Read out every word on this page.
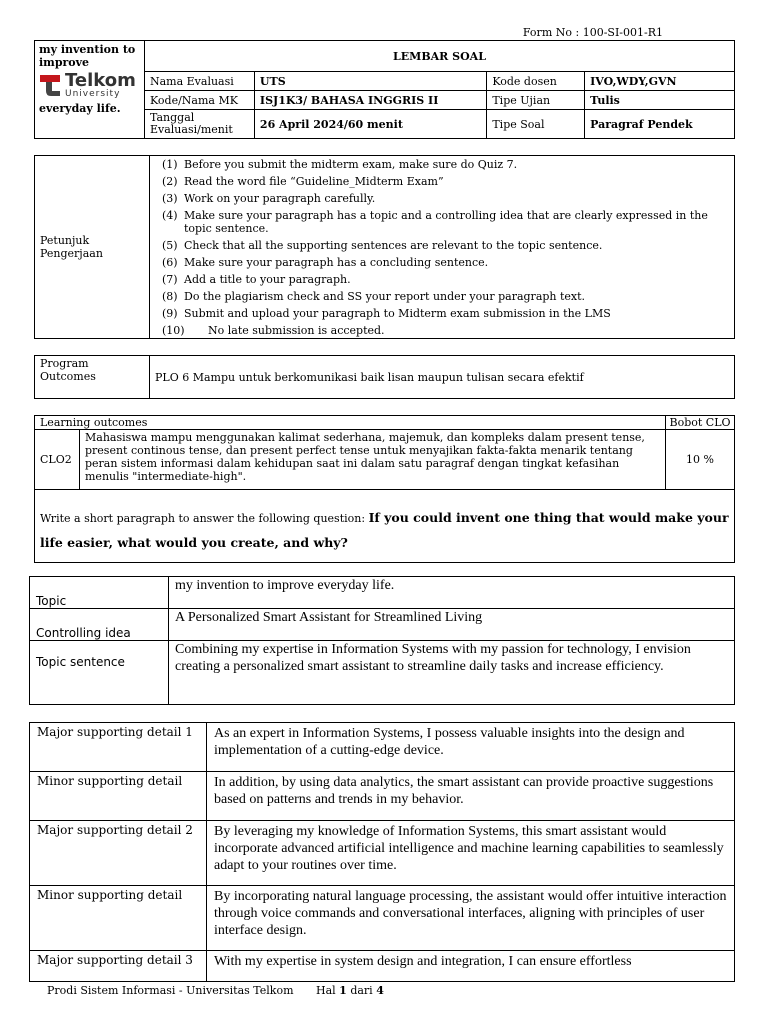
Form No : 100-SI-001-R1
my invention to improve
Telkom
University
everyday life.	LEMBAR SOAL			
	Nama Evaluasi	UTS	Kode dosen	IVO,WDY,GVN
	Kode/Nama MK	ISJ1K3/ BAHASA INGGRIS II	Tipe Ujian	Tulis
	Tanggal Evaluasi/menit	26 April 2024/60 menit	Tipe Soal	Paragraf Pendek
Petunjuk Pengerjaan	
(1) Before you submit the midterm exam, make sure do Quiz 7.
(2) Read the word file “Guideline_Midterm Exam”
(3) Work on your paragraph carefully.
(4) Make sure your paragraph has a topic and a controlling idea that are clearly expressed in the topic sentence.
(5) Check that all the supporting sentences are relevant to the topic sentence.
(6) Make sure your paragraph has a concluding sentence.
(7) Add a title to your paragraph.
(8) Do the plagiarism check and SS your report under your paragraph text.
(9) Submit and upload your paragraph to Midterm exam submission in the LMS
(10)	No late submission is accepted.
Program Outcomes	PLO 6 Mampu untuk berkomunikasi baik lisan maupun tulisan secara efektif
Learning outcomes		Bobot CLO
CLO2	Mahasiswa mampu menggunakan kalimat sederhana, majemuk, dan kompleks dalam present tense, present continous tense, dan present perfect tense untuk menyajikan fakta-fakta menarik tentang peran sistem informasi dalam kehidupan saat ini dalam satu paragraf dengan tingkat kefasihan menulis "intermediate-high".	10 %
Write a short paragraph to answer the following question: If you could invent one thing that would make your life easier, what would you create, and why?		
Topic	my invention to improve everyday life.
Controlling idea	A Personalized Smart Assistant for Streamlined Living
Topic sentence	Combining my expertise in Information Systems with my passion for technology, I envision creating a personalized smart assistant to streamline daily tasks and increase efficiency.
Major supporting detail 1	As an expert in Information Systems, I possess valuable insights into the design and implementation of a cutting-edge device.
Minor supporting detail	In addition, by using data analytics, the smart assistant can provide proactive suggestions based on patterns and trends in my behavior.
Major supporting detail 2	By leveraging my knowledge of Information Systems, this smart assistant would incorporate advanced artificial intelligence and machine learning capabilities to seamlessly adapt to your routines over time.
Minor supporting detail	By incorporating natural language processing, the assistant would offer intuitive interaction through voice commands and conversational interfaces, aligning with principles of user interface design.
Major supporting detail 3	With my expertise in system design and integration, I can ensure effortless
Prodi Sistem Informasi - Universitas Telkom Hal 1 dari 4
